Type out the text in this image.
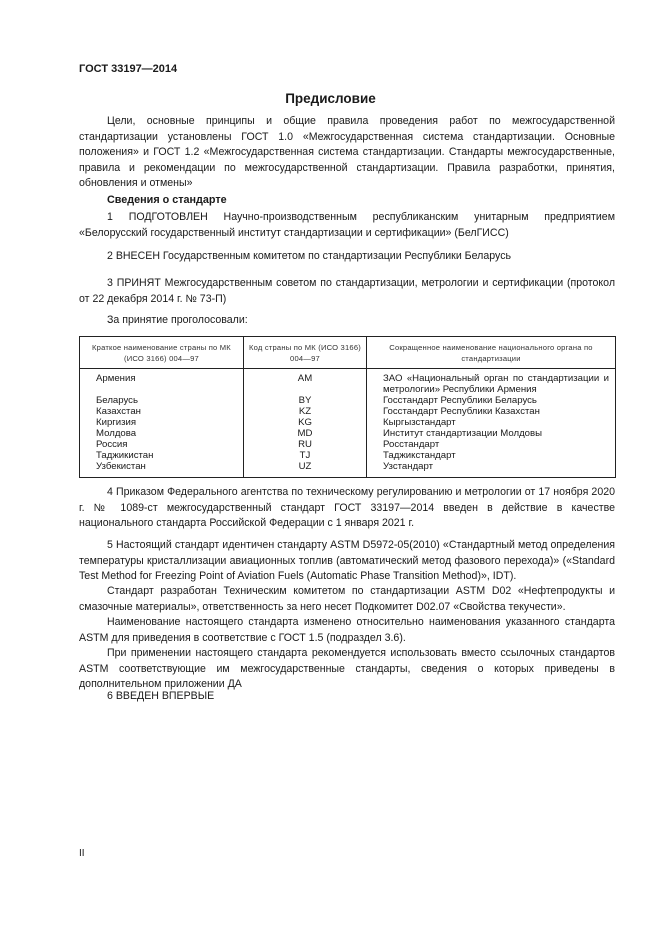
ГОСТ 33197—2014
Предисловие

Цели, основные принципы и общие правила проведения работ по межгосударственной стандартизации установлены ГОСТ 1.0 «Межгосударственная система стандартизации. Основные положения» и ГОСТ 1.2 «Межгосударственная система стандартизации. Стандарты межгосударственные, правила и рекомендации по межгосударственной стандартизации. Правила разработки, принятия, обновления и отмены»

Сведения о стандарте

1 ПОДГОТОВЛЕН Научно-производственным республиканским унитарным предприятием «Белорусский государственный институт стандартизации и сертификации» (БелГИСС)

2 ВНЕСЕН Государственным комитетом по стандартизации Республики Беларусь

3 ПРИНЯТ Межгосударственным советом по стандартизации, метрологии и сертификации (протокол от 22 декабря 2014 г. № 73-П)

За принятие проголосовали:
Краткое наименование страны по МК (ИСО 3166) 004—97	Код страны по МК (ИСО 3166) 004—97	Сокращенное наименование национального органа по стандартизации
Армения	AM	ЗАО «Национальный орган по стандартизации и метрологии» Республики Армения
Беларусь	BY	Госстандарт Республики Беларусь
Казахстан	KZ	Госстандарт Республики Казахстан
Киргизия	KG	Кыргызстандарт
Молдова	MD	Институт стандартизации Молдовы
Россия	RU	Росстандарт
Таджикистан	TJ	Таджикстандарт
Узбекистан	UZ	Узстандарт

4 Приказом Федерального агентства по техническому регулированию и метрологии от 17 ноября 2020 г. № 1089-ст межгосударственный стандарт ГОСТ 33197—2014 введен в действие в качестве национального стандарта Российской Федерации с 1 января 2021 г.

5 Настоящий стандарт идентичен стандарту ASTM D5972-05(2010) «Стандартный метод определения температуры кристаллизации авиационных топлив (автоматический метод фазового перехода)» («Standard Test Method for Freezing Point of Aviation Fuels (Automatic Phase Transition Method)», IDT).

Стандарт разработан Техническим комитетом по стандартизации ASTM D02 «Нефтепродукты и смазочные материалы», ответственность за него несет Подкомитет D02.07 «Свойства текучести».

Наименование настоящего стандарта изменено относительно наименования указанного стандарта ASTM для приведения в соответствие с ГОСТ 1.5 (подраздел 3.6).

При применении настоящего стандарта рекомендуется использовать вместо ссылочных стандартов ASTM соответствующие им межгосударственные стандарты, сведения о которых приведены в дополнительном приложении ДА

6 ВВЕДЕН ВПЕРВЫЕ

II
